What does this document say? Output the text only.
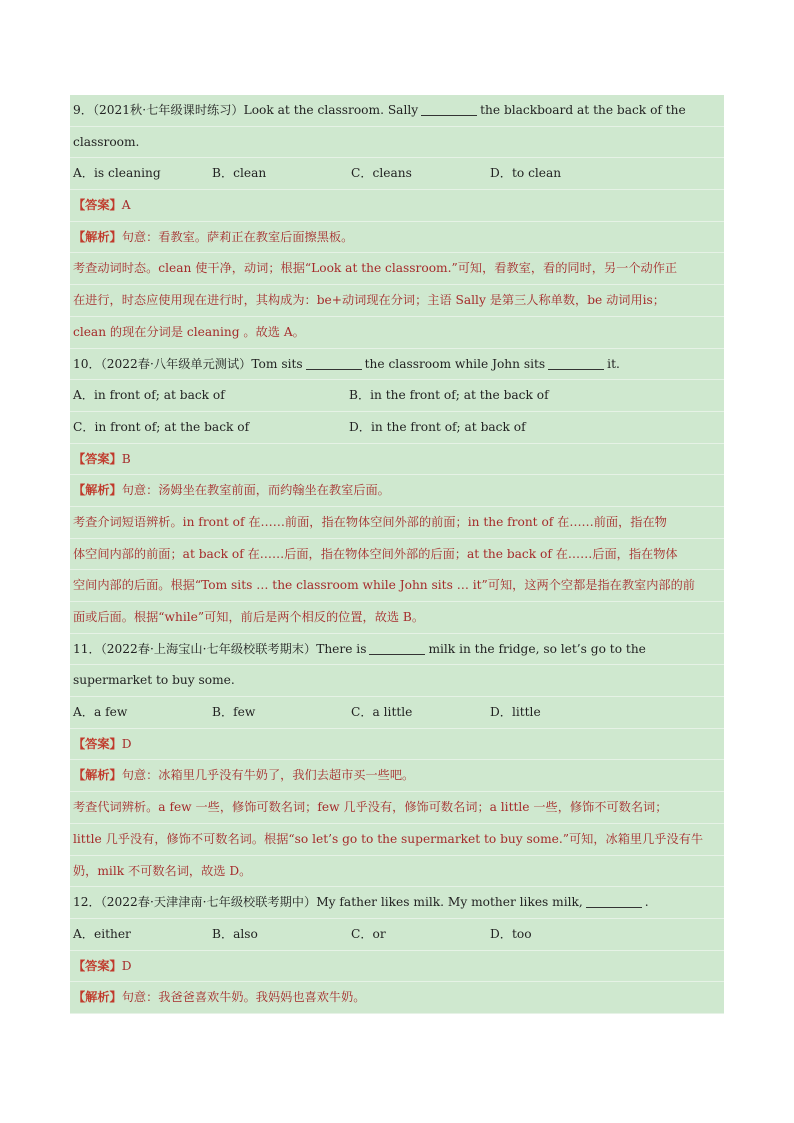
9．（2021秋·七年级课时练习）Look at the classroom. Sally	the blackboard at the back of the
classroom.
A．is cleaning	B．clean	C．cleans	D．to clean
【答案】A
【解析】句意：看教室。萨莉正在教室后面擦黑板。
考查动词时态。clean 使干净，动词；根据“Look at the classroom.”可知，看教室，看的同时，另一个动作正
在进行，时态应使用现在进行时，其构成为：be+动词现在分词；主语 Sally 是第三人称单数，be 动词用is；
clean 的现在分词是 cleaning 。故选 A。
10．（2022春·八年级单元测试）Tom sits	the classroom while John sits	it.
A．in front of; at back of	B．in the front of; at the back of
C．in front of; at the back of	D．in the front of; at back of
【答案】B
【解析】句意：汤姆坐在教室前面，而约翰坐在教室后面。
考查介词短语辨析。in front of 在……前面，指在物体空间外部的前面；in the front of 在……前面，指在物
体空间内部的前面；at back of 在……后面，指在物体空间外部的后面；at the back of 在……后面，指在物体
空间内部的后面。根据“Tom sits … the classroom while John sits … it”可知，这两个空都是指在教室内部的前
面或后面。根据“while”可知，前后是两个相反的位置，故选 B。
11．（2022春·上海宝山·七年级校联考期末）There is	milk in the fridge, so let’s go to the
supermarket to buy some.
A．a few	B．few	C．a little	D．little
【答案】D
【解析】句意：冰箱里几乎没有牛奶了，我们去超市买一些吧。
考查代词辨析。a few 一些，修饰可数名词；few 几乎没有，修饰可数名词；a little 一些，修饰不可数名词；
little 几乎没有，修饰不可数名词。根据“so let’s go to the supermarket to buy some.”可知，冰箱里几乎没有牛
奶，milk 不可数名词，故选 D。
12．（2022春·天津津南·七年级校联考期中）My father likes milk. My mother likes milk,	.
A．either	B．also	C．or	D．too
【答案】D
【解析】句意：我爸爸喜欢牛奶。我妈妈也喜欢牛奶。
